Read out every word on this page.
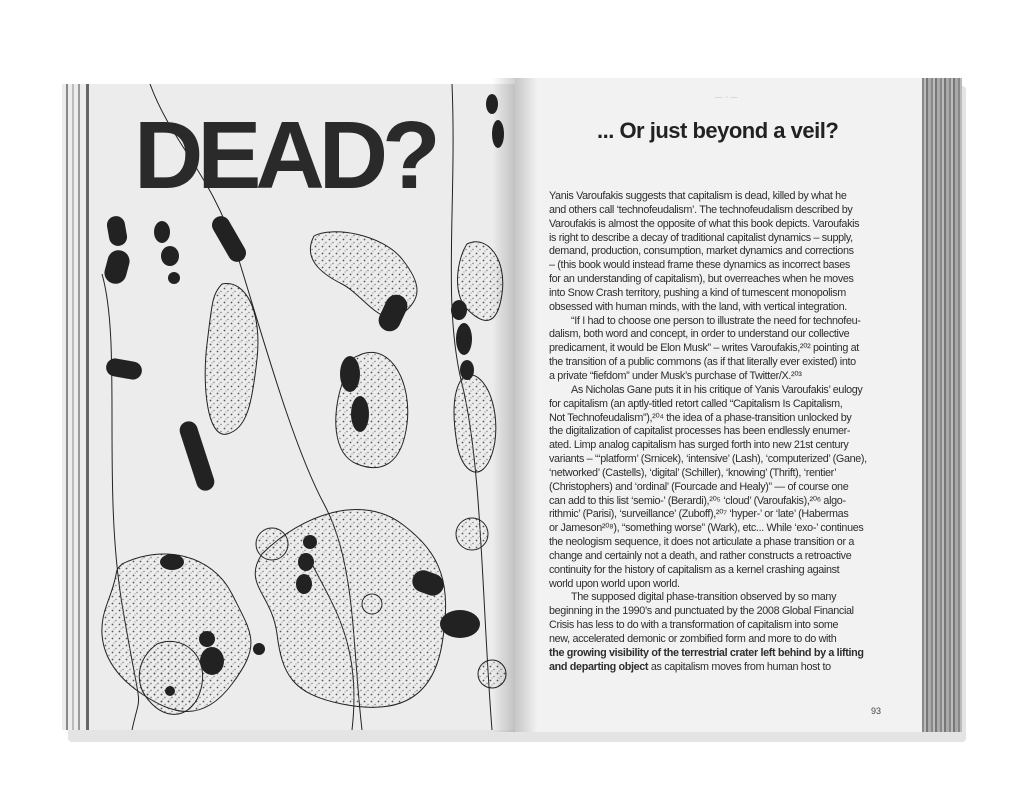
DEAD?
— ·· —
... Or just beyond a veil?

Yanis Varoufakis suggests that capitalism is dead, killed by what he
and others call ‘technofeudalism’. The technofeudalism described by
Varoufakis is almost the opposite of what this book depicts. Varoufakis
is right to describe a decay of traditional capitalist dynamics – supply,
demand, production, consumption, market dynamics and corrections
– (this book would instead frame these dynamics as incorrect bases
for an understanding of capitalism), but overreaches when he moves
into Snow Crash territory, pushing a kind of tumescent monopolism
obsessed with human minds, with the land, with vertical integration.

“If I had to choose one person to illustrate the need for technofeu-
dalism, both word and concept, in order to understand our collective
predicament, it would be Elon Musk” – writes Varoufakis,²⁰² pointing at
the transition of a public commons (as if that literally ever existed) into
a private “fiefdom” under Musk’s purchase of Twitter/X.²⁰³

As Nicholas Gane puts it in his critique of Yanis Varoufakis’ eulogy
for capitalism (an aptly-titled retort called “Capitalism Is Capitalism,
Not Technofeudalism”),²⁰⁴ the idea of a phase-transition unlocked by
the digitalization of capitalist processes has been endlessly enumer-
ated. Limp analog capitalism has surged forth into new 21st century
variants – “‘platform’ (Srnicek), ‘intensive’ (Lash), ‘computerized’ (Gane),
‘networked’ (Castells), ‘digital’ (Schiller), ‘knowing’ (Thrift), ‘rentier’
(Christophers) and ‘ordinal’ (Fourcade and Healy)” — of course one
can add to this list ‘semio-’ (Berardi),²⁰⁵ ‘cloud’ (Varoufakis),²⁰⁶ algo-
rithmic’ (Parisi), ‘surveillance’ (Zuboff),²⁰⁷ ‘hyper-’ or ‘late’ (Habermas
or Jameson²⁰⁸), “something worse” (Wark), etc... While ‘exo-’ continues
the neologism sequence, it does not articulate a phase transition or a
change and certainly not a death, and rather constructs a retroactive
continuity for the history of capitalism as a kernel crashing against
world upon world upon world.

The supposed digital phase-transition observed by so many
beginning in the 1990’s and punctuated by the 2008 Global Financial
Crisis has less to do with a transformation of capitalism into some
new, accelerated demonic or zombified form and more to do with
the growing visibility of the terrestrial crater left behind by a lifting
and departing object as capitalism moves from human host to

93
